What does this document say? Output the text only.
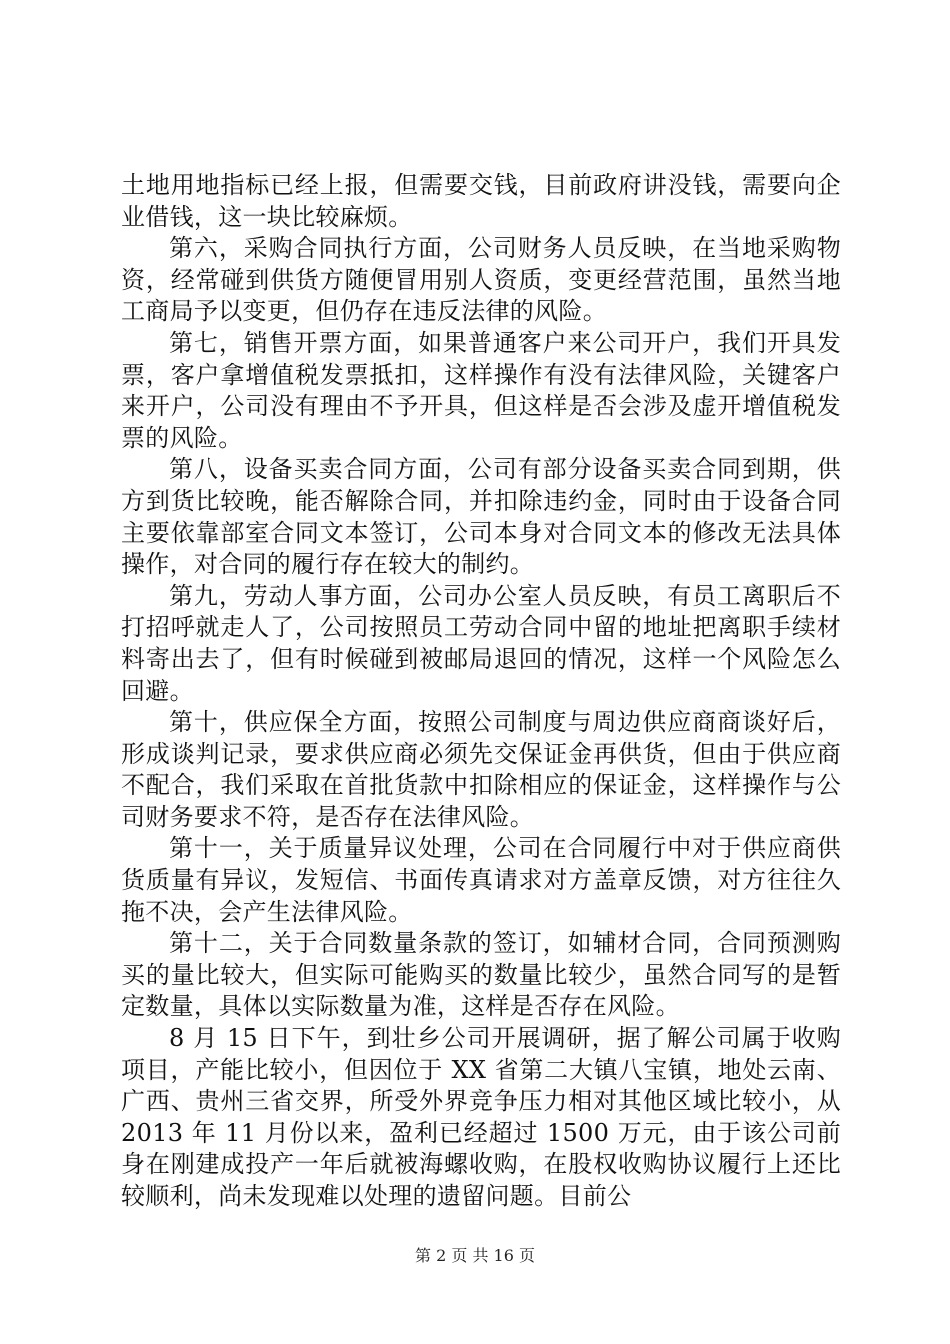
土地用地指标已经上报，但需要交钱，目前政府讲没钱，需要向企业借钱，这一块比较麻烦。

第六，采购合同执行方面，公司财务人员反映，在当地采购物资，经常碰到供货方随便冒用别人资质，变更经营范围，虽然当地工商局予以变更，但仍存在违反法律的风险。

第七，销售开票方面，如果普通客户来公司开户，我们开具发票，客户拿增值税发票抵扣，这样操作有没有法律风险，关键客户来开户，公司没有理由不予开具，但这样是否会涉及虚开增值税发票的风险。

第八，设备买卖合同方面，公司有部分设备买卖合同到期，供方到货比较晚，能否解除合同，并扣除违约金，同时由于设备合同主要依靠部室合同文本签订，公司本身对合同文本的修改无法具体操作，对合同的履行存在较大的制约。

第九，劳动人事方面，公司办公室人员反映，有员工离职后不打招呼就走人了，公司按照员工劳动合同中留的地址把离职手续材料寄出去了，但有时候碰到被邮局退回的情况，这样一个风险怎么回避。

第十，供应保全方面，按照公司制度与周边供应商商谈好后，形成谈判记录，要求供应商必须先交保证金再供货，但由于供应商不配合，我们采取在首批货款中扣除相应的保证金，这样操作与公司财务要求不符，是否存在法律风险。

第十一，关于质量异议处理，公司在合同履行中对于供应商供货质量有异议，发短信、书面传真请求对方盖章反馈，对方往往久拖不决，会产生法律风险。

第十二，关于合同数量条款的签订，如辅材合同，合同预测购买的量比较大，但实际可能购买的数量比较少，虽然合同写的是暂定数量，具体以实际数量为准，这样是否存在风险。

8 月 15 日下午，到壮乡公司开展调研，据了解公司属于收购项目，产能比较小，但因位于 XX 省第二大镇八宝镇，地处云南、广西、贵州三省交界，所受外界竞争压力相对其他区域比较小，从 2013 年 11 月份以来，盈利已经超过 1500 万元，由于该公司前身在刚建成投产一年后就被海螺收购，在股权收购协议履行上还比较顺利，尚未发现难以处理的遗留问题。目前公

第 2 页 共 16 页
